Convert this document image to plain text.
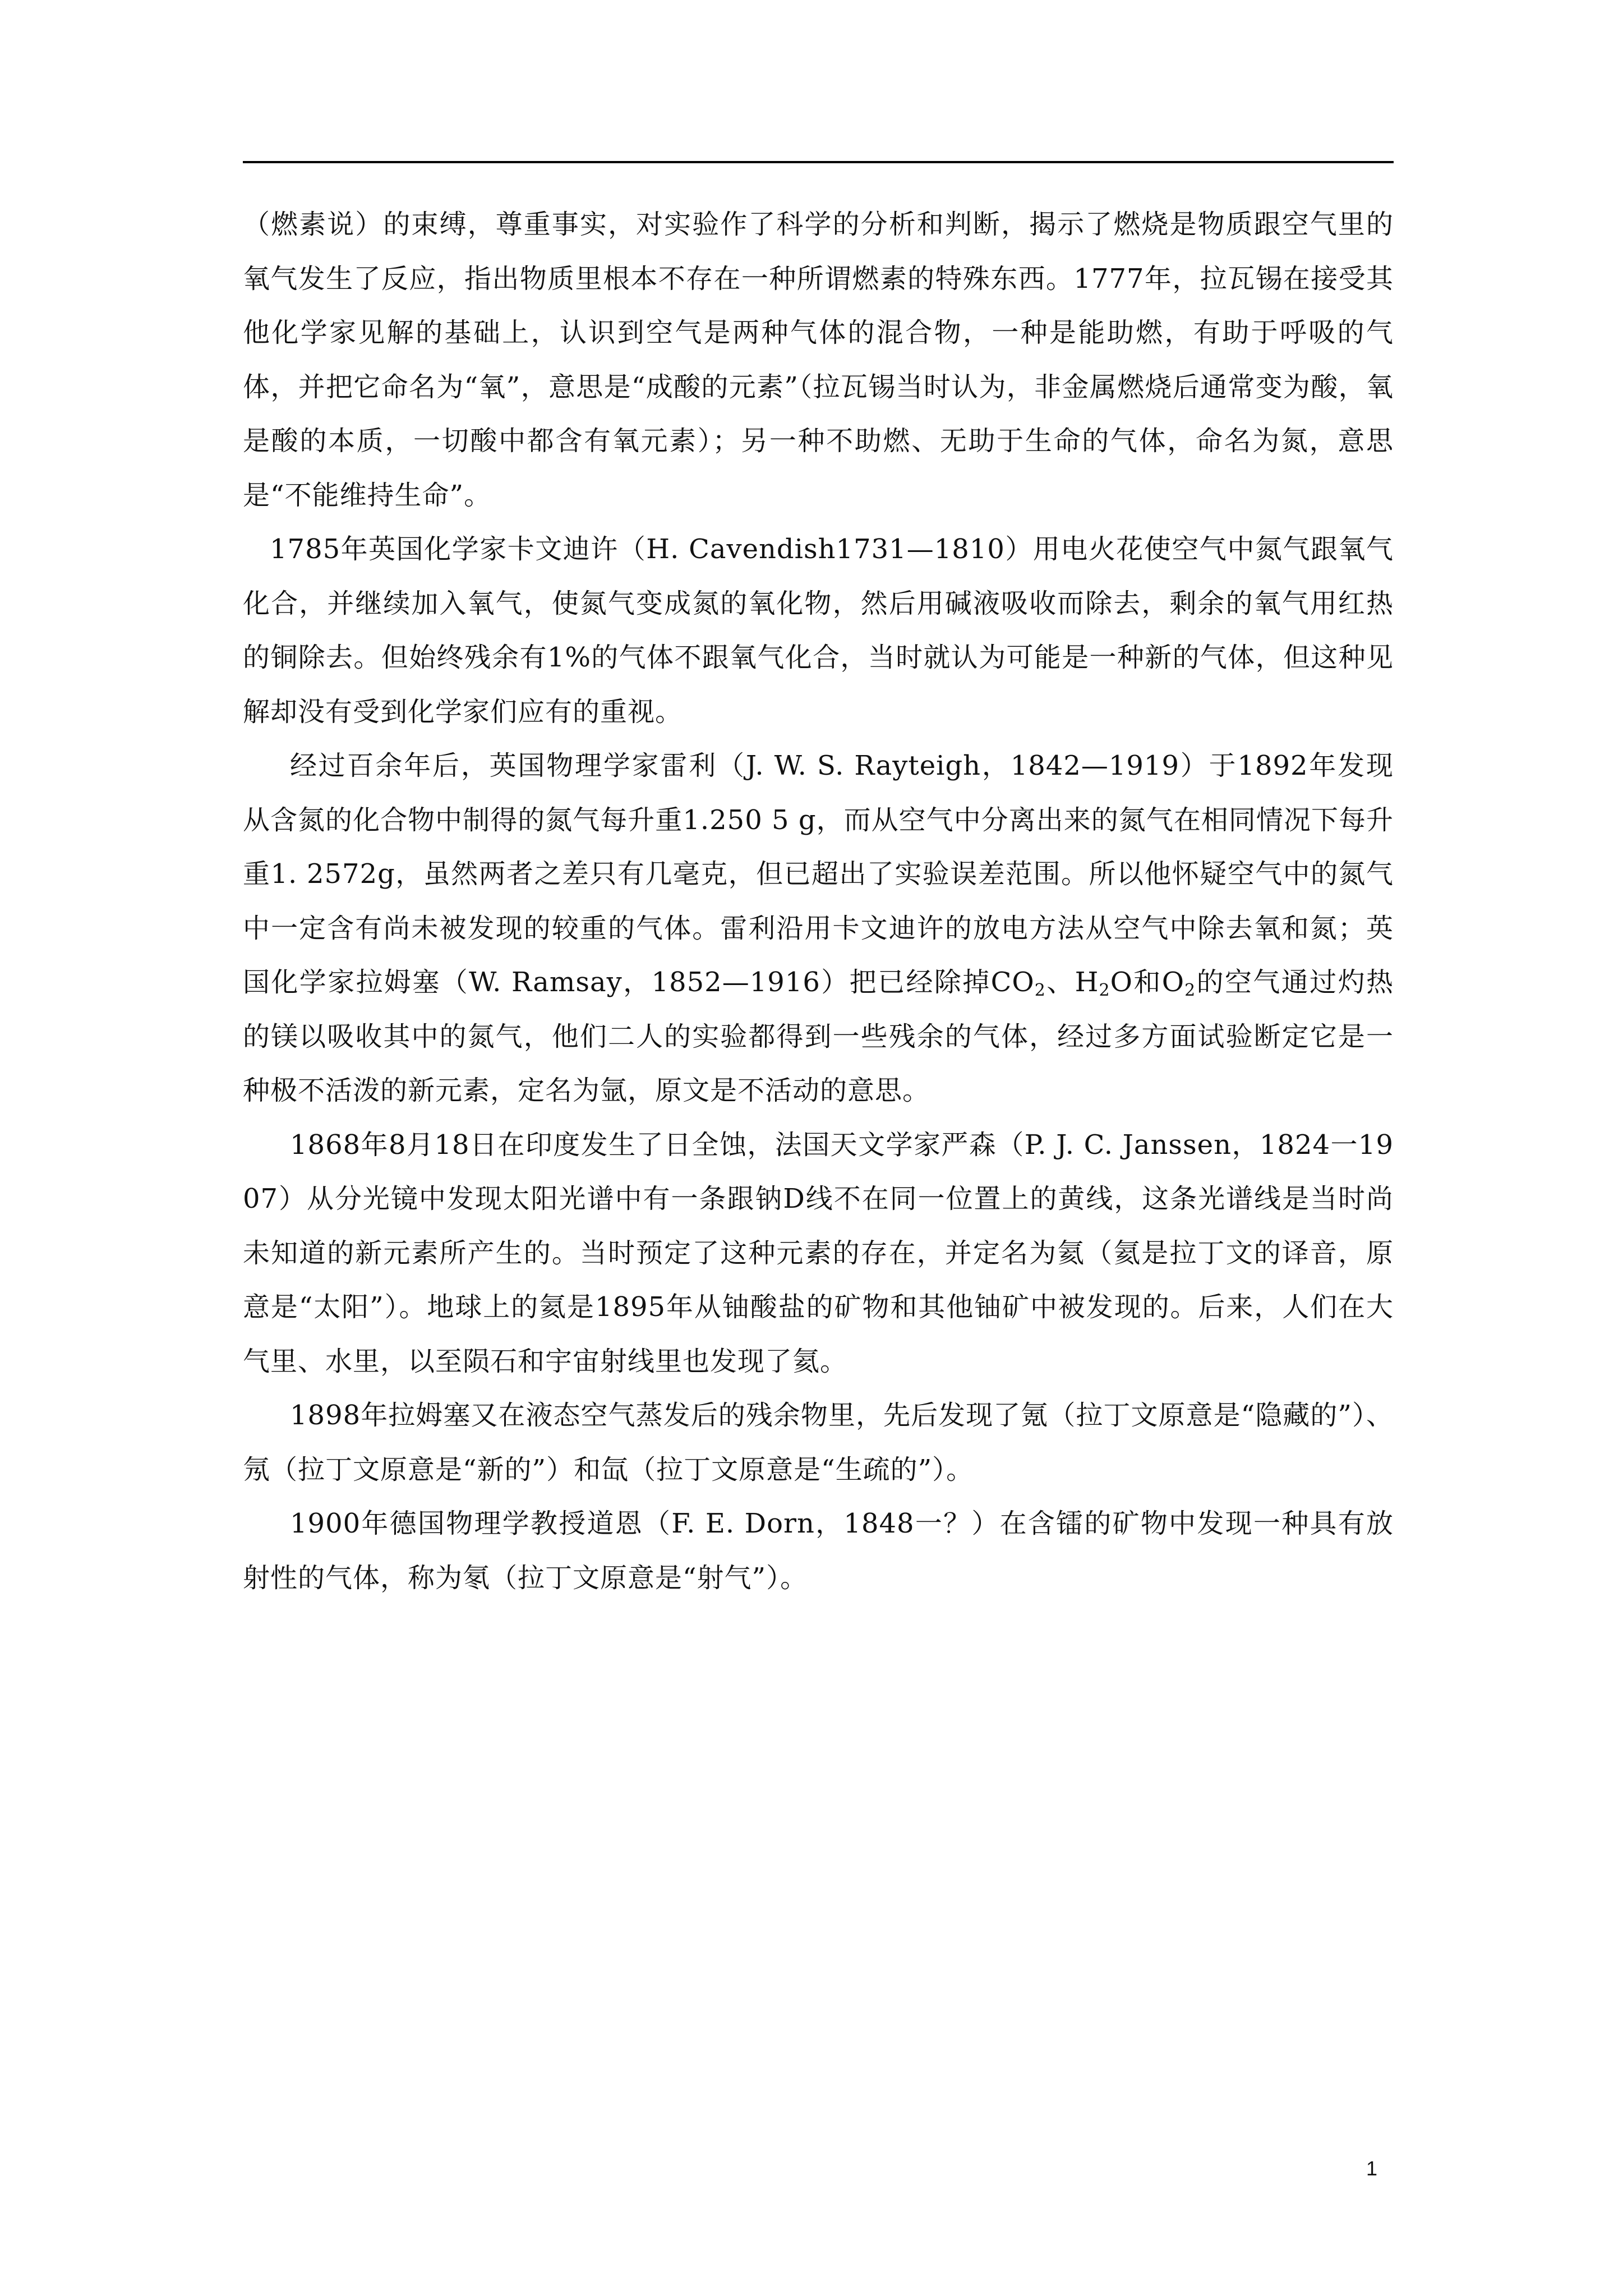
（燃素说）的束缚，尊重事实，对实验作了科学的分析和判断，揭示了燃烧是物质跟空气里的氧气发生了反应，指出物质里根本不存在一种所谓燃素的特殊东西。1777年，拉瓦锡在接受其他化学家见解的基础上，认识到空气是两种气体的混合物，一种是能助燃，有助于呼吸的气体，并把它命名为“氧”，意思是“成酸的元素”（拉瓦锡当时认为，非金属燃烧后通常变为酸，氧是酸的本质，一切酸中都含有氧元素）；另一种不助燃、无助于生命的气体，命名为氮，意思是“不能维持生命”。

1785年英国化学家卡文迪许（H. Cavendish1731—1810）用电火花使空气中氮气跟氧气化合，并继续加入氧气，使氮气变成氮的氧化物，然后用碱液吸收而除去，剩余的氧气用红热的铜除去。但始终残余有1%的气体不跟氧气化合，当时就认为可能是一种新的气体，但这种见解却没有受到化学家们应有的重视。

经过百余年后，英国物理学家雷利（J. W. S. Rayteigh，1842—1919）于1892年发现从含氮的化合物中制得的氮气每升重1.250 5 g，而从空气中分离出来的氮气在相同情况下每升重1. 2572g，虽然两者之差只有几毫克，但已超出了实验误差范围。所以他怀疑空气中的氮气中一定含有尚未被发现的较重的气体。雷利沿用卡文迪许的放电方法从空气中除去氧和氮；英国化学家拉姆塞（W. Ramsay，1852—1916）把已经除掉$CO_2$、$H_2O$和$O_2$的空气通过灼热的镁以吸收其中的氮气，他们二人的实验都得到一些残余的气体，经过多方面试验断定它是一种极不活泼的新元素，定名为氩，原文是不活动的意思。

1868年8月18日在印度发生了日全蚀，法国天文学家严森（P. J. C. Janssen，1824一1907）从分光镜中发现太阳光谱中有一条跟钠D线不在同一位置上的黄线，这条光谱线是当时尚未知道的新元素所产生的。当时预定了这种元素的存在，并定名为氦（氦是拉丁文的译音，原意是“太阳”）。地球上的氦是1895年从铀酸盐的矿物和其他铀矿中被发现的。后来，人们在大气里、水里，以至陨石和宇宙射线里也发现了氦。

1898年拉姆塞又在液态空气蒸发后的残余物里，先后发现了氪（拉丁文原意是“隐藏的”）、氖（拉丁文原意是“新的”）和氙（拉丁文原意是“生疏的”）。

1900年德国物理学教授道恩（F. E. Dorn，1848一？）在含镭的矿物中发现一种具有放射性的气体，称为氡（拉丁文原意是“射气”）。

1
